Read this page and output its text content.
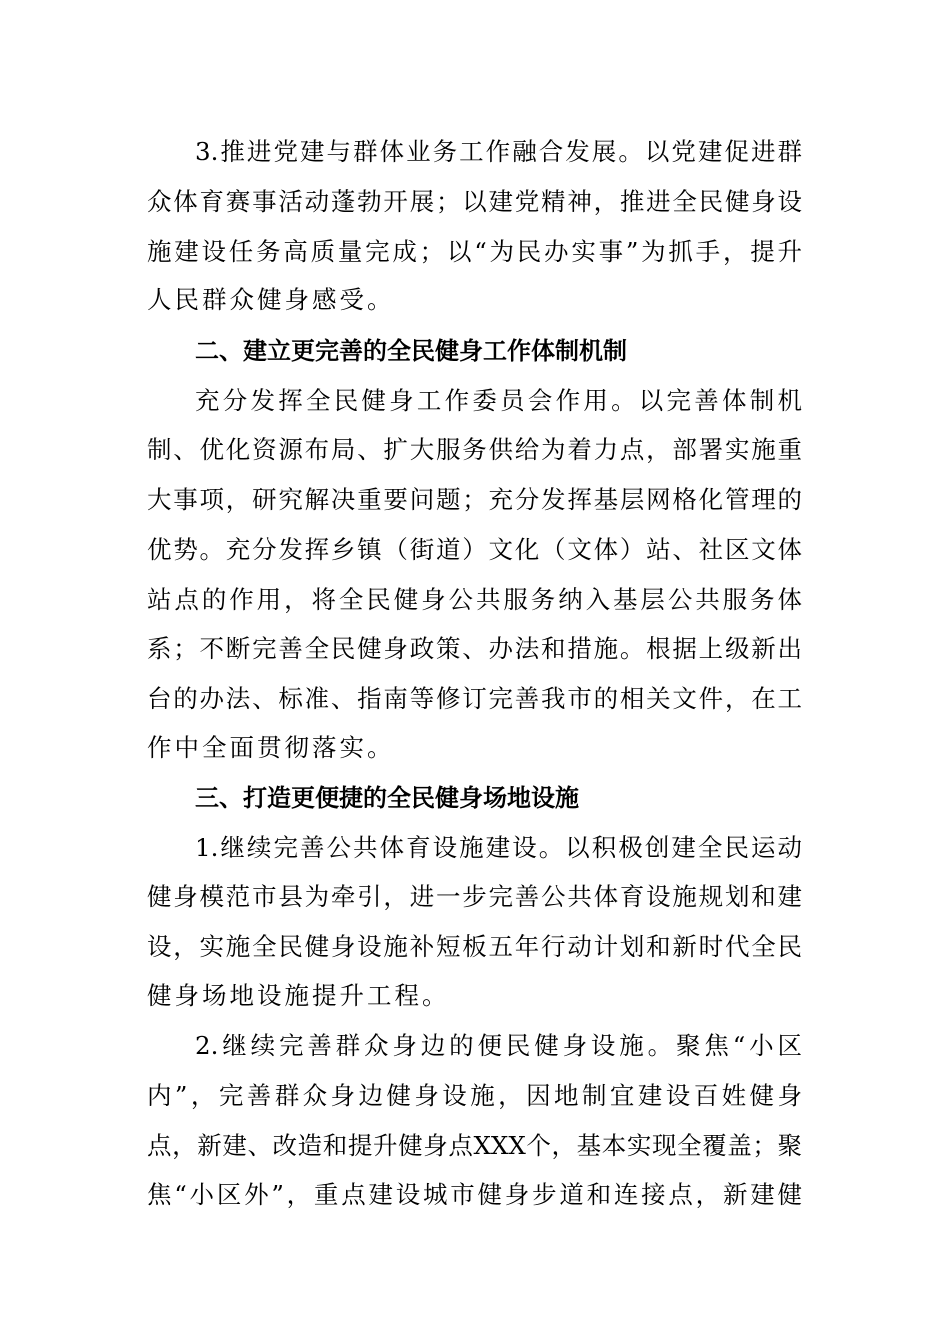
3.推进党建与群体业务工作融合发展。以党建促进群
众体育赛事活动蓬勃开展；以建党精神，推进全民健身设
施建设任务高质量完成；以“为民办实事”为抓手，提升
人民群众健身感受。
二、建立更完善的全民健身工作体制机制
充分发挥全民健身工作委员会作用。以完善体制机
制、优化资源布局、扩大服务供给为着力点，部署实施重
大事项，研究解决重要问题；充分发挥基层网格化管理的
优势。充分发挥乡镇（街道）文化（文体）站、社区文体
站点的作用，将全民健身公共服务纳入基层公共服务体
系；不断完善全民健身政策、办法和措施。根据上级新出
台的办法、标准、指南等修订完善我市的相关文件，在工
作中全面贯彻落实。
三、打造更便捷的全民健身场地设施
1.继续完善公共体育设施建设。以积极创建全民运动
健身模范市县为牵引，进一步完善公共体育设施规划和建
设，实施全民健身设施补短板五年行动计划和新时代全民
健身场地设施提升工程。
2.继续完善群众身边的便民健身设施。聚焦“小区
内”，完善群众身边健身设施，因地制宜建设百姓健身
点，新建、改造和提升健身点XXX个，基本实现全覆盖；聚
焦“小区外”，重点建设城市健身步道和连接点，新建健
